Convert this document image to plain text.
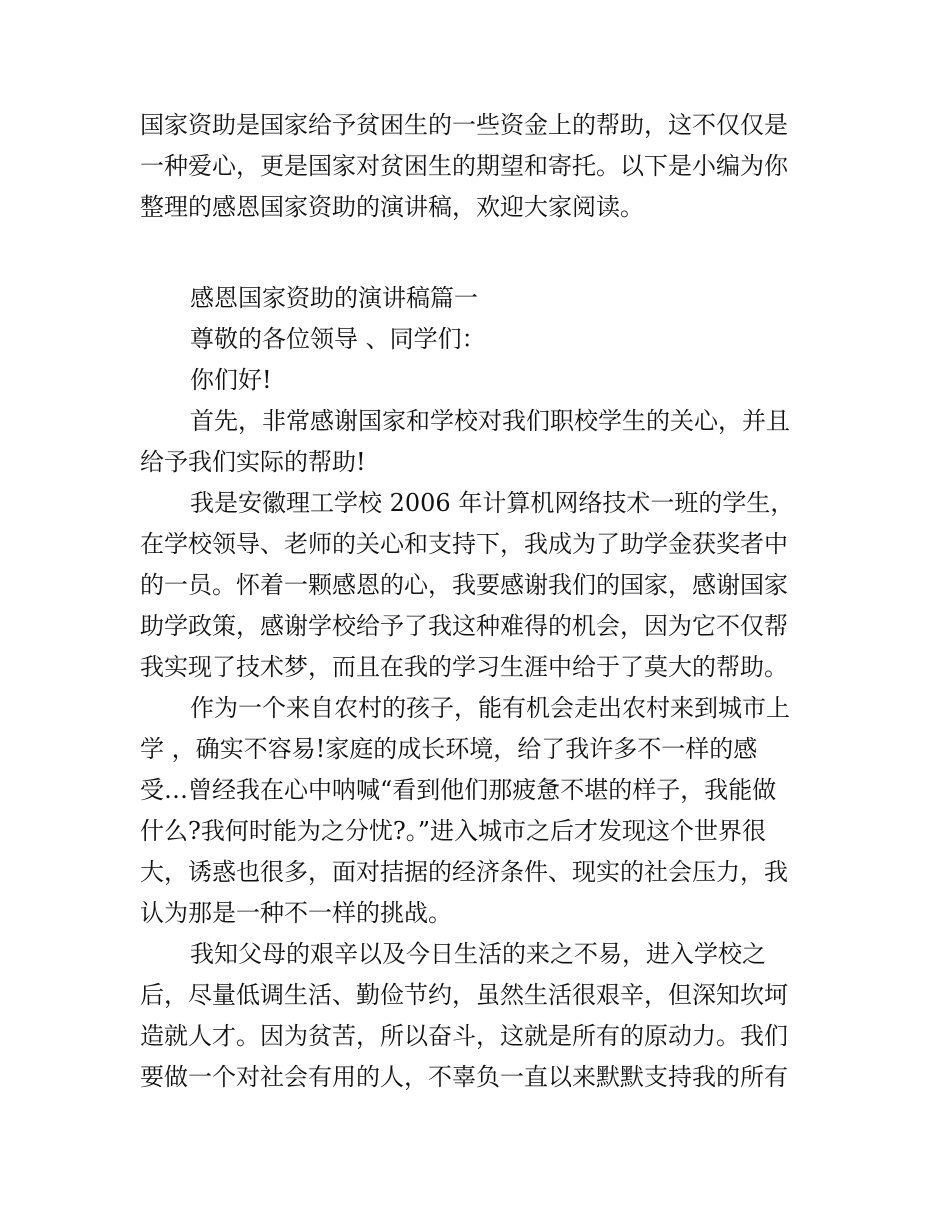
国家资助是国家给予贫困生的一些资金上的帮助，这不仅仅是
一种爱心，更是国家对贫困生的期望和寄托。以下是小编为你
整理的感恩国家资助的演讲稿，欢迎大家阅读。

感恩国家资助的演讲稿篇一

尊敬的各位领导 、同学们：

你们好!

首先，非常感谢国家和学校对我们职校学生的关心，并且
给予我们实际的帮助!

我是安徽理工学校 2006 年计算机网络技术一班的学生，
在学校领导、老师的关心和支持下，我成为了助学金获奖者中
的一员。怀着一颗感恩的心，我要感谢我们的国家，感谢国家
助学政策，感谢学校给予了我这种难得的机会，因为它不仅帮
我实现了技术梦，而且在我的学习生涯中给于了莫大的帮助。

作为一个来自农村的孩子，能有机会走出农村来到城市上
学 ，确实不容易!家庭的成长环境，给了我许多不一样的感
受…曾经我在心中呐喊“看到他们那疲惫不堪的样子，我能做
什么?我何时能为之分忧?。”进入城市之后才发现这个世界很
大，诱惑也很多，面对拮据的经济条件、现实的社会压力，我
认为那是一种不一样的挑战。

我知父母的艰辛以及今日生活的来之不易，进入学校之
后，尽量低调生活、勤俭节约，虽然生活很艰辛，但深知坎坷
造就人才。因为贫苦，所以奋斗，这就是所有的原动力。我们
要做一个对社会有用的人，不辜负一直以来默默支持我的所有
